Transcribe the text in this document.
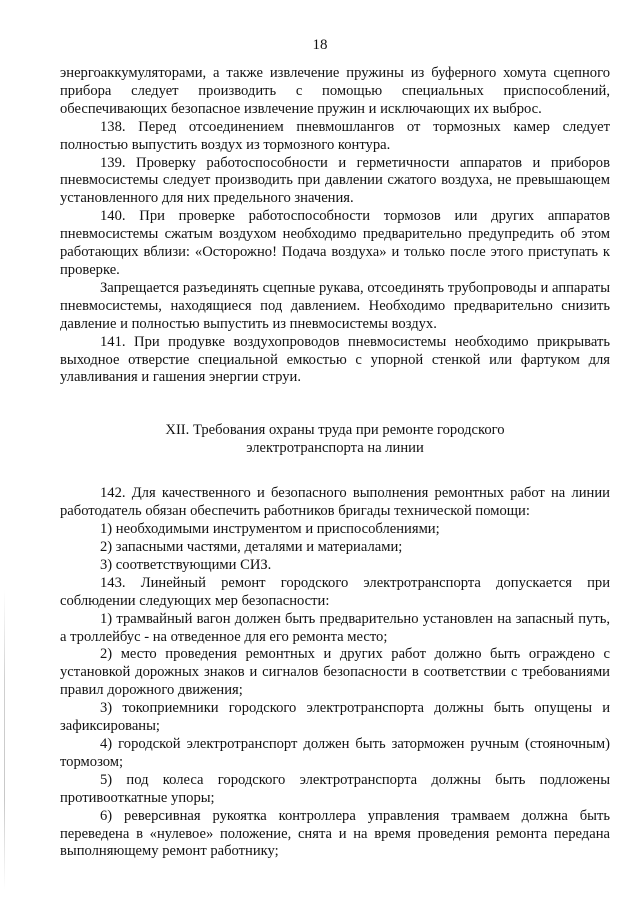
18

энергоаккумуляторами, а также извлечение пружины из буферного хомута сцепного прибора следует производить с помощью специальных приспособлений, обеспечивающих безопасное извлечение пружин и исключающих их выброс.

138. Перед отсоединением пневмошлангов от тормозных камер следует полностью выпустить воздух из тормозного контура.

139. Проверку работоспособности и герметичности аппаратов и приборов пневмосистемы следует производить при давлении сжатого воздуха, не превышающем установленного для них предельного значения.

140. При проверке работоспособности тормозов или других аппаратов пневмосистемы сжатым воздухом необходимо предварительно предупредить об этом работающих вблизи: «Осторожно! Подача воздуха» и только после этого приступать к проверке.

Запрещается разъединять сцепные рукава, отсоединять трубопроводы и аппараты пневмосистемы, находящиеся под давлением. Необходимо предварительно снизить давление и полностью выпустить из пневмосистемы воздух.

141. При продувке воздухопроводов пневмосистемы необходимо прикрывать выходное отверстие специальной емкостью с упорной стенкой или фартуком для улавливания и гашения энергии струи.

XII. Требования охраны труда при ремонте городского
электротранспорта на линии

142. Для качественного и безопасного выполнения ремонтных работ на линии работодатель обязан обеспечить работников бригады технической помощи:

1) необходимыми инструментом и приспособлениями;

2) запасными частями, деталями и материалами;

3) соответствующими СИЗ.

143. Линейный ремонт городского электротранспорта допускается при соблюдении следующих мер безопасности:

1) трамвайный вагон должен быть предварительно установлен на запасный путь, а троллейбус - на отведенное для его ремонта место;

2) место проведения ремонтных и других работ должно быть ограждено с установкой дорожных знаков и сигналов безопасности в соответствии с требованиями правил дорожного движения;

3) токоприемники городского электротранспорта должны быть опущены и зафиксированы;

4) городской электротранспорт должен быть заторможен ручным (стояночным) тормозом;

5) под колеса городского электротранспорта должны быть подложены противооткатные упоры;

6) реверсивная рукоятка контроллера управления трамваем должна быть переведена в «нулевое» положение, снята и на время проведения ремонта передана выполняющему ремонт работнику;
